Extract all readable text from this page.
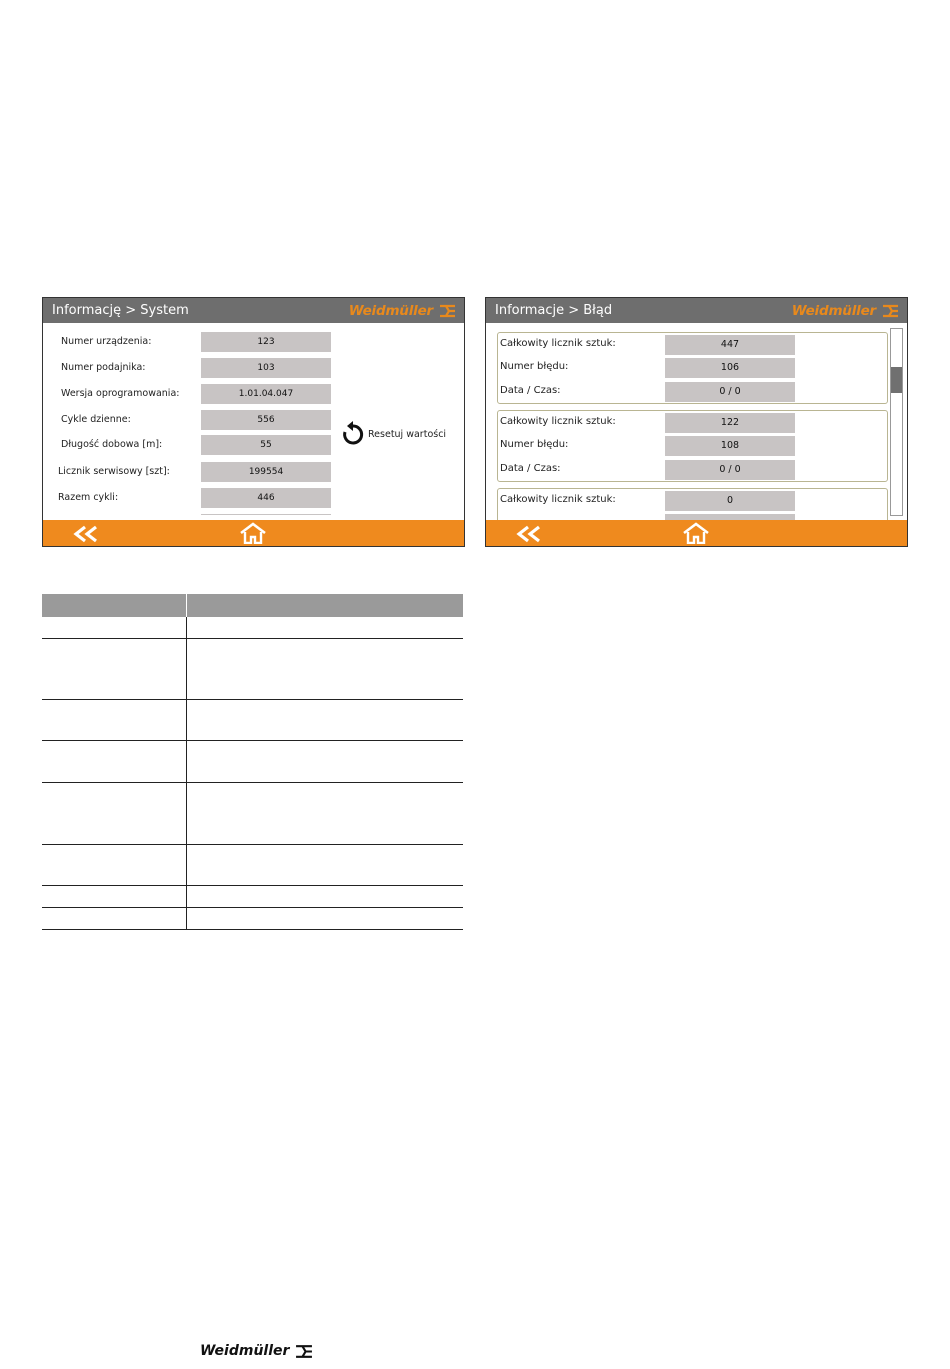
Informację > System	Weidmüller
Numer urządzenia:	123
Numer podajnika:	103
Wersja oprogramowania:	1.01.04.047
Cykle dzienne:	556
Długość dobowa [m]:	55
Licznik serwisowy [szt]:	199554
Razem cykli:	446
Resetuj wartości
Informacje > Błąd	Weidmüller
Całkowity licznik sztuk:	447
Numer błędu:	106
Data / Czas:	0 / 0
Całkowity licznik sztuk:	122
Numer błędu:	108
Data / Czas:	0 / 0
Całkowity licznik sztuk:	0
Weidmüller
